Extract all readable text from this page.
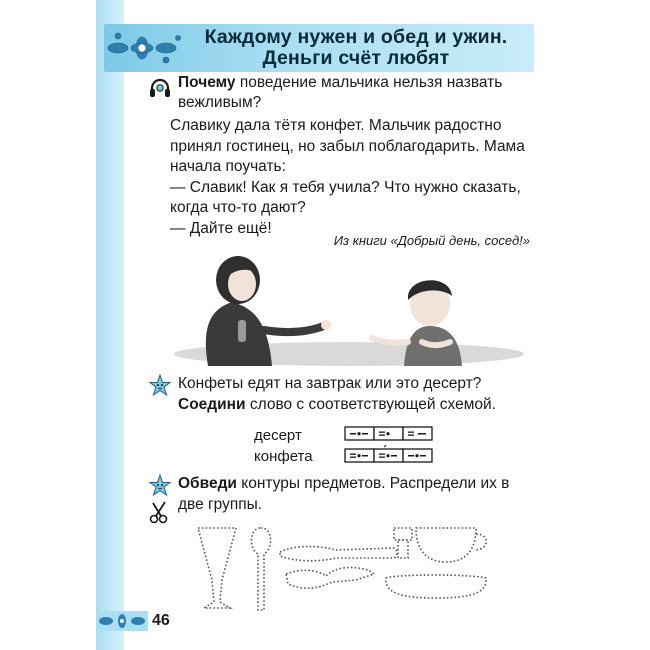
Каждому нужен и обед и ужин.
Деньги счёт любят
Почему поведение мальчика нельзя назвать вежливым?

Славику дала тётя конфет. Мальчик радостно принял гостинец, но забыл поблагодарить. Мама начала поучать:

— Славик! Как я тебя учила? Что нужно сказать, когда что-то дают?

— Дайте ещё!

Из книги «Добрый день, сосед!»
Конфеты едят на завтрак или это десерт?
Соедини слово с соответствующей схемой.
десерт
конфета
Обведи контуры предметов. Распредели их в две группы.
46
